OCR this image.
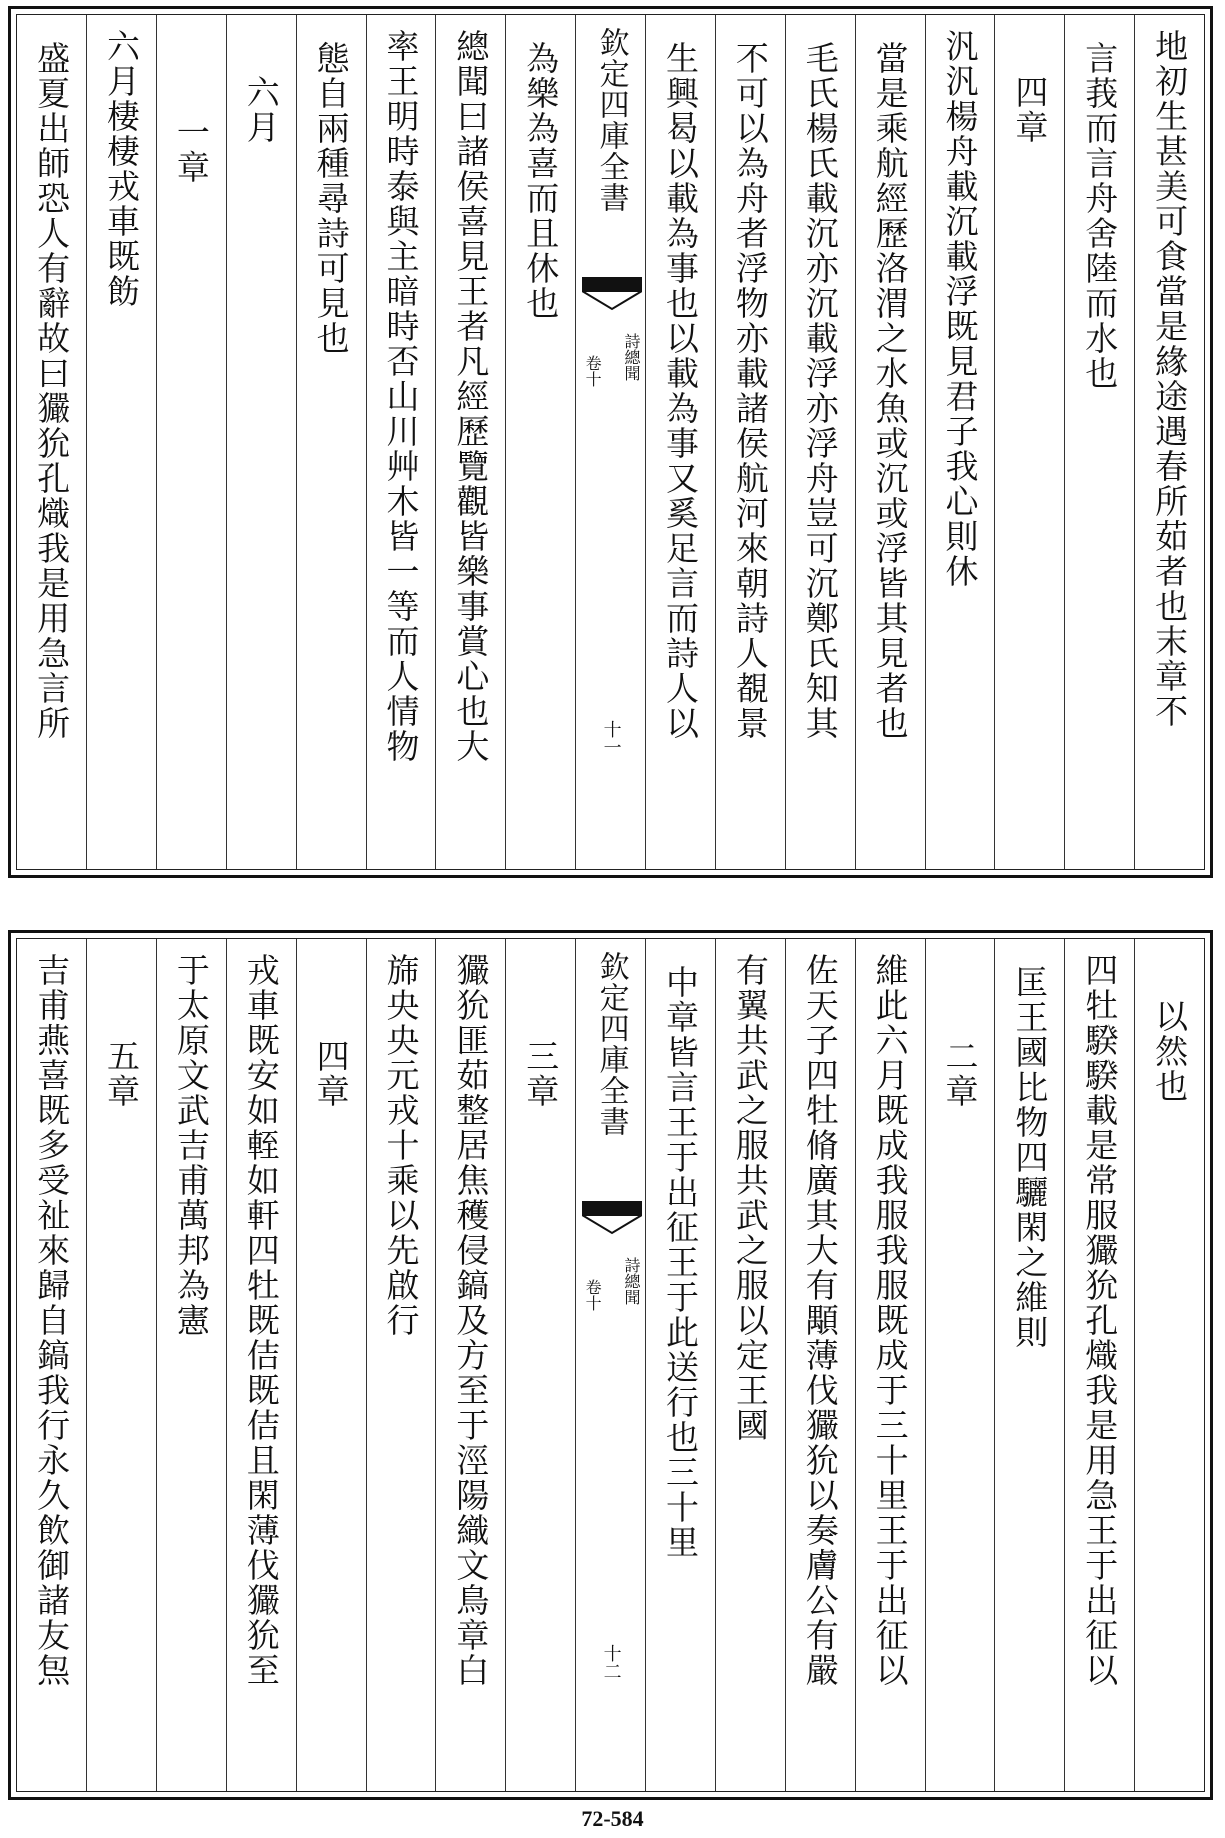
地初生甚美可食當是緣途遇春所茹者也末章不
言莪而言舟舍陸而水也
四章
汎汎楊舟載沉載浮既見君子我心則休
當是乘航經歷洛渭之水魚或沉或浮皆其見者也
毛氏楊氏載沉亦沉載浮亦浮舟豈可沉鄭氏知其
不可以為舟者浮物亦載諸侯航河來朝詩人覩景
生興曷以載為事也以載為事又奚足言而詩人以
欽定四庫全書
詩總聞
卷十
十一
為樂為喜而且休也
總聞曰諸侯喜見王者凡經歷覽觀皆樂事賞心也大
率王明時泰與主暗時否山川艸木皆一等而人情物
態自兩種尋詩可見也
六月
一章
六月棲棲戎車既飭
盛夏出師恐人有辭故曰玁狁孔熾我是用急言所
以然也
四牡騤騤載是常服玁狁孔熾我是用急王于出征以
匡王國比物四驪閑之維則
二章
維此六月既成我服我服既成于三十里王于出征以
佐天子四牡脩廣其大有顒薄伐玁狁以奏膚公有嚴
有翼共武之服共武之服以定王國
中章皆言王于出征王于此送行也三十里
欽定四庫全書
詩總聞
卷十
十二
三章
玁狁匪茹整居焦穫侵鎬及方至于涇陽織文鳥章白
旆央央元戎十乘以先啟行
四章
戎車既安如輊如軒四牡既佶既佶且閑薄伐玁狁至
于太原文武吉甫萬邦為憲
五章
吉甫燕喜既多受祉來歸自鎬我行永久飲御諸友炰
72-584
